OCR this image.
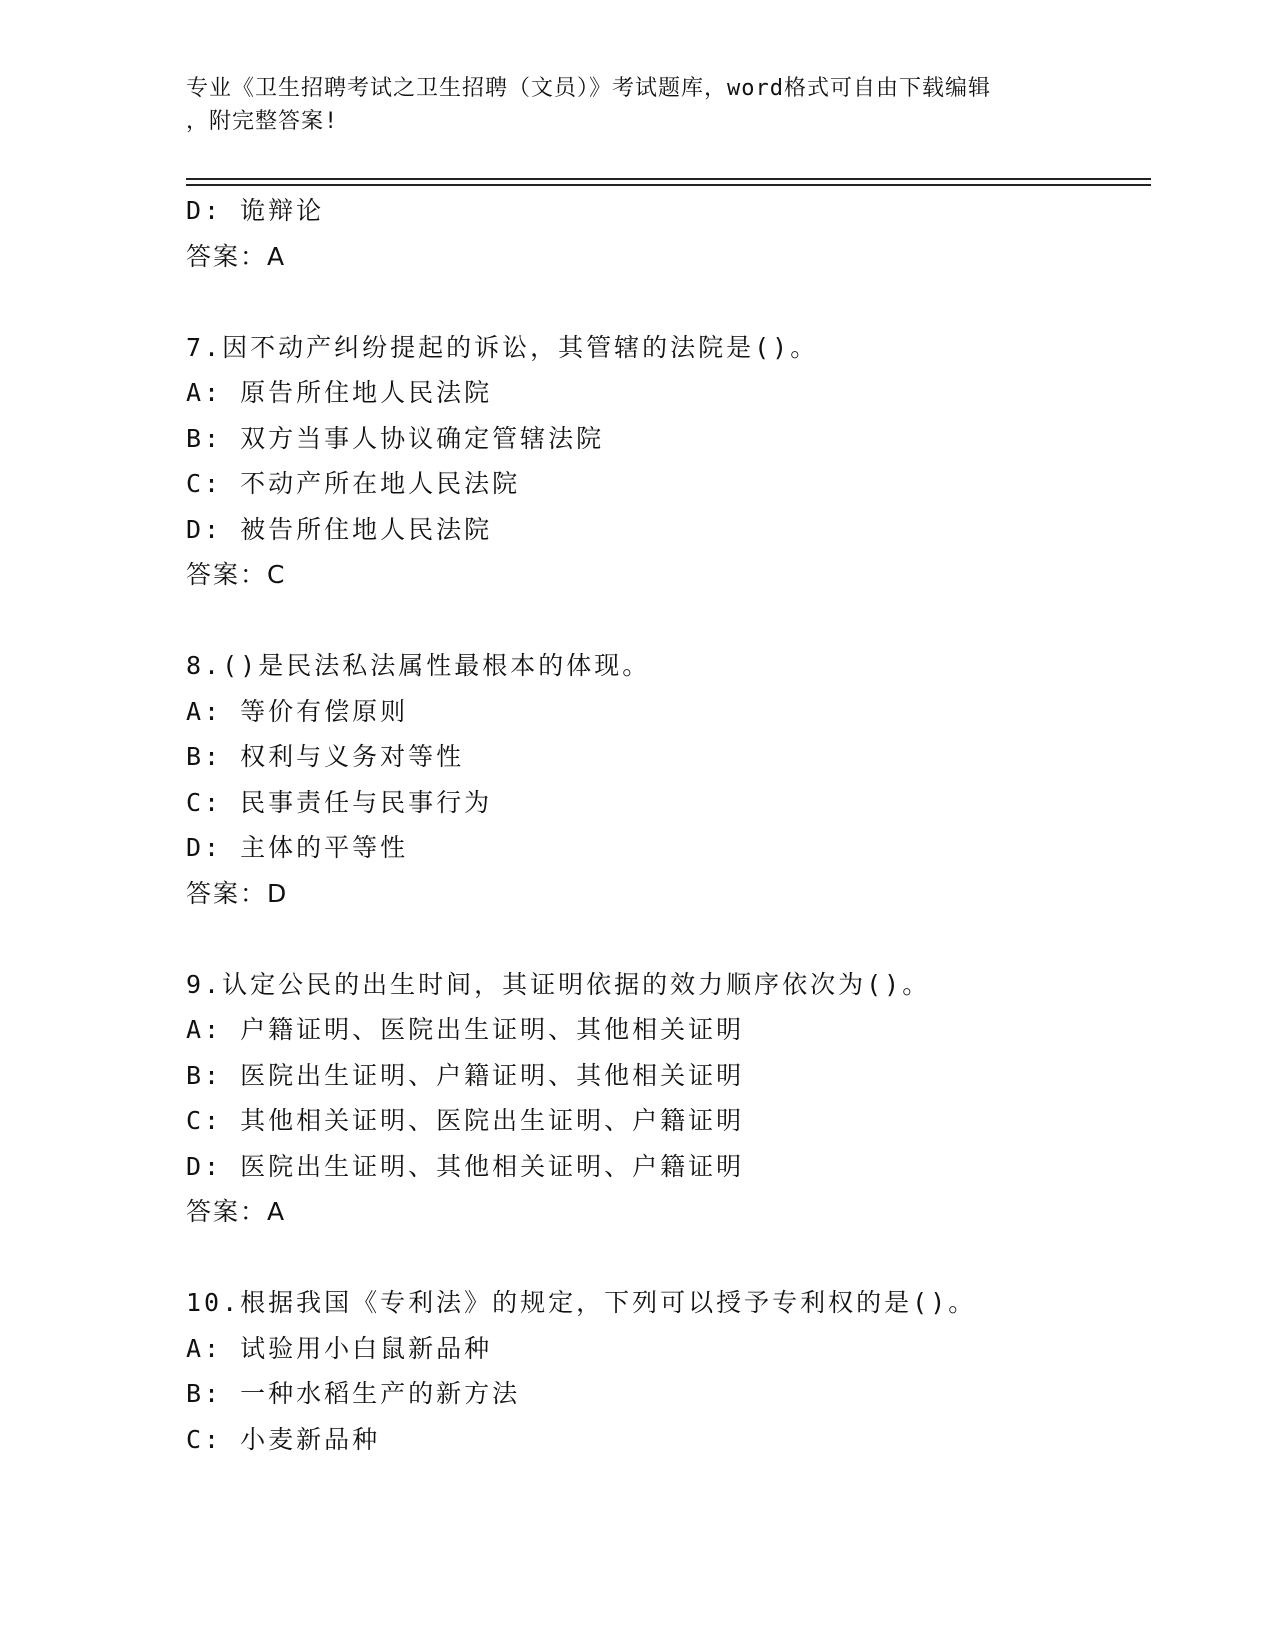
专业《卫生招聘考试之卫生招聘（文员）》考试题库，word格式可自由下载编辑
，附完整答案!
D: 诡辩论
答案：A
7.因不动产纠纷提起的诉讼，其管辖的法院是()。
A: 原告所住地人民法院
B: 双方当事人协议确定管辖法院
C: 不动产所在地人民法院
D: 被告所住地人民法院
答案：C
8.()是民法私法属性最根本的体现。
A: 等价有偿原则
B: 权利与义务对等性
C: 民事责任与民事行为
D: 主体的平等性
答案：D
9.认定公民的出生时间，其证明依据的效力顺序依次为()。
A: 户籍证明、医院出生证明、其他相关证明
B: 医院出生证明、户籍证明、其他相关证明
C: 其他相关证明、医院出生证明、户籍证明
D: 医院出生证明、其他相关证明、户籍证明
答案：A
10.根据我国《专利法》的规定，下列可以授予专利权的是()。
A: 试验用小白鼠新品种
B: 一种水稻生产的新方法
C: 小麦新品种
